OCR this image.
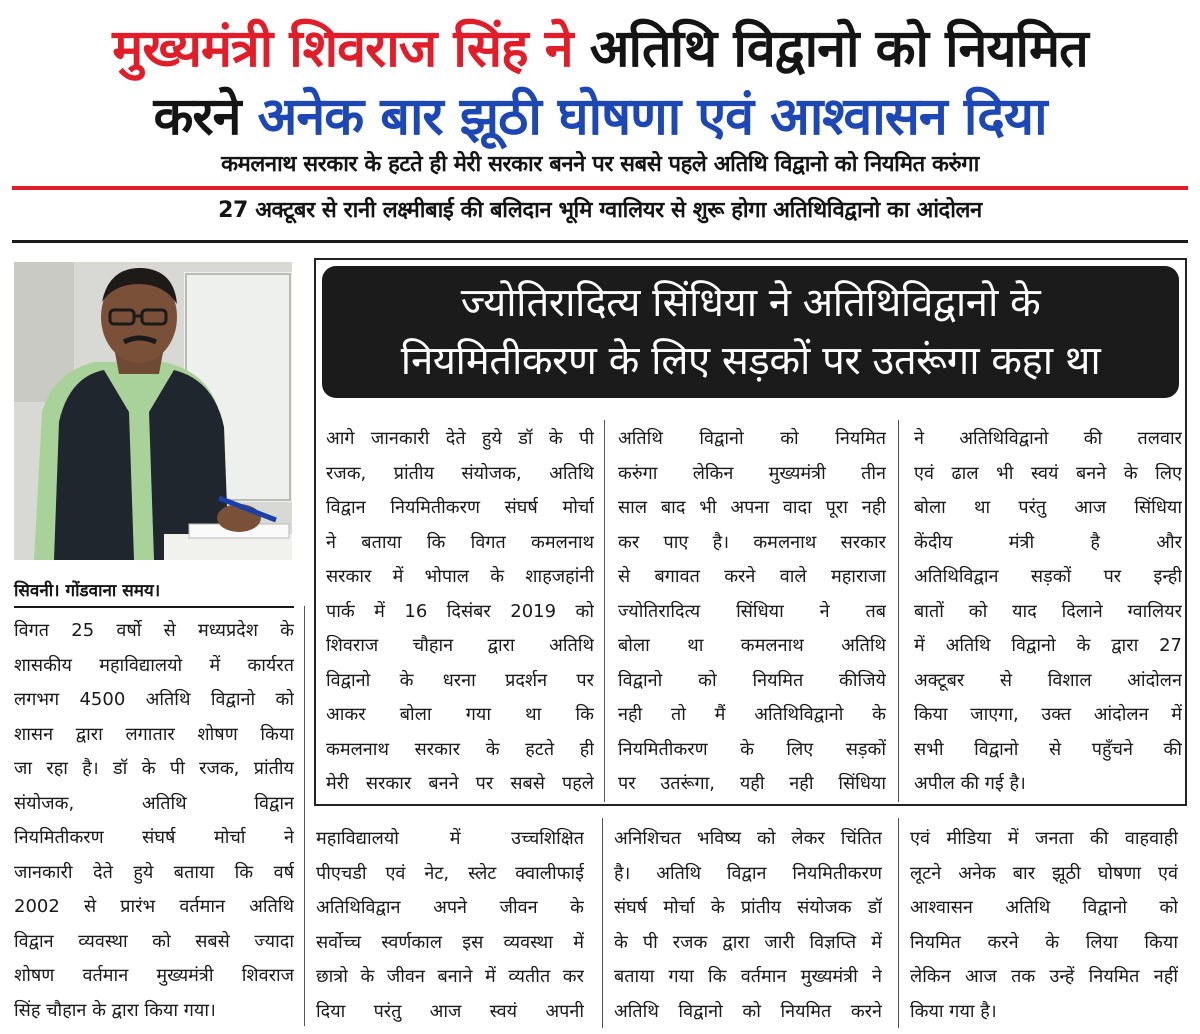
मुख्यमंत्री शिवराज सिंह ने अतिथि विद्वानो को नियमित
करने अनेक बार झूठी घोषणा एवं आश्वासन दिया
कमलनाथ सरकार के हटते ही मेरी सरकार बनने पर सबसे पहले अतिथि विद्वानो को नियमित करुंगा
27 अक्टूबर से रानी लक्ष्मीबाई की बलिदान भूमि ग्वालियर से शुरू होगा अतिथिविद्वानो का आंदोलन
सिवनी। गोंडवाना समय।
विगत 25 वर्षो से मध्यप्रदेश के
शासकीय महाविद्यालयो में कार्यरत
लगभग 4500 अतिथि विद्वानो को
शासन द्वारा लगातार शोषण किया
जा रहा है। डॉ के पी रजक, प्रांतीय
संयोजक, अतिथि विद्वान
नियमितीकरण संघर्ष मोर्चा ने
जानकारी देते हुये बताया कि वर्ष
2002 से प्रारंभ वर्तमान अतिथि
विद्वान व्यवस्था को सबसे ज्यादा
शोषण वर्तमान मुख्यमंत्री शिवराज
सिंह चौहान के द्वारा किया गया।
ज्योतिरादित्य सिंधिया ने अतिथिविद्वानो के
नियमितीकरण के लिए सड़कों पर उतरूंगा कहा था
आगे जानकारी देते हुये डॉ के पी
रजक, प्रांतीय संयोजक, अतिथि
विद्वान नियमितीकरण संघर्ष मोर्चा
ने बताया कि विगत कमलनाथ
सरकार में भोपाल के शाहजहांनी
पार्क में 16 दिसंबर 2019 को
शिवराज चौहान द्वारा अतिथि
विद्वानो के धरना प्रदर्शन पर
आकर बोला गया था कि
कमलनाथ सरकार के हटते ही
मेरी सरकार बनने पर सबसे पहले
अतिथि विद्वानो को नियमित
करुंगा लेकिन मुख्यमंत्री तीन
साल बाद भी अपना वादा पूरा नही
कर पाए है। कमलनाथ सरकार
से बगावत करने वाले महाराजा
ज्योतिरादित्य सिंधिया ने तब
बोला था कमलनाथ अतिथि
विद्वानो को नियमित कीजिये
नही तो मैं अतिथिविद्वानो के
नियमितीकरण के लिए सड़कों
पर उतरूंगा, यही नही सिंधिया
ने अतिथिविद्वानो की तलवार
एवं ढाल भी स्वयं बनने के लिए
बोला था परंतु आज सिंधिया
केंदीय मंत्री है और
अतिथिविद्वान सड़कों पर इन्ही
बातों को याद दिलाने ग्वालियर
में अतिथि विद्वानो के द्वारा 27
अक्टूबर से विशाल आंदोलन
किया जाएगा, उक्त आंदोलन में
सभी विद्वानो से पहुँचने की
अपील की गई है।
महाविद्यालयो में उच्चशिक्षित
पीएचडी एवं नेट, स्लेट क्वालीफाई
अतिथिविद्वान अपने जीवन के
सर्वोच्च स्वर्णकाल इस व्यवस्था में
छात्रो के जीवन बनाने में व्यतीत कर
दिया परंतु आज स्वयं अपनी
अनिशिचत भविष्य को लेकर चिंतित
है। अतिथि विद्वान नियमितीकरण
संघर्ष मोर्चा के प्रांतीय संयोजक डॉ
के पी रजक द्वारा जारी विज्ञप्ति में
बताया गया कि वर्तमान मुख्यमंत्री ने
अतिथि विद्वानो को नियमित करने
एवं मीडिया में जनता की वाहवाही
लूटने अनेक बार झूठी घोषणा एवं
आश्वासन अतिथि विद्वानो को
नियमित करने के लिया किया
लेकिन आज तक उन्हें नियमित नहीं
किया गया है।
